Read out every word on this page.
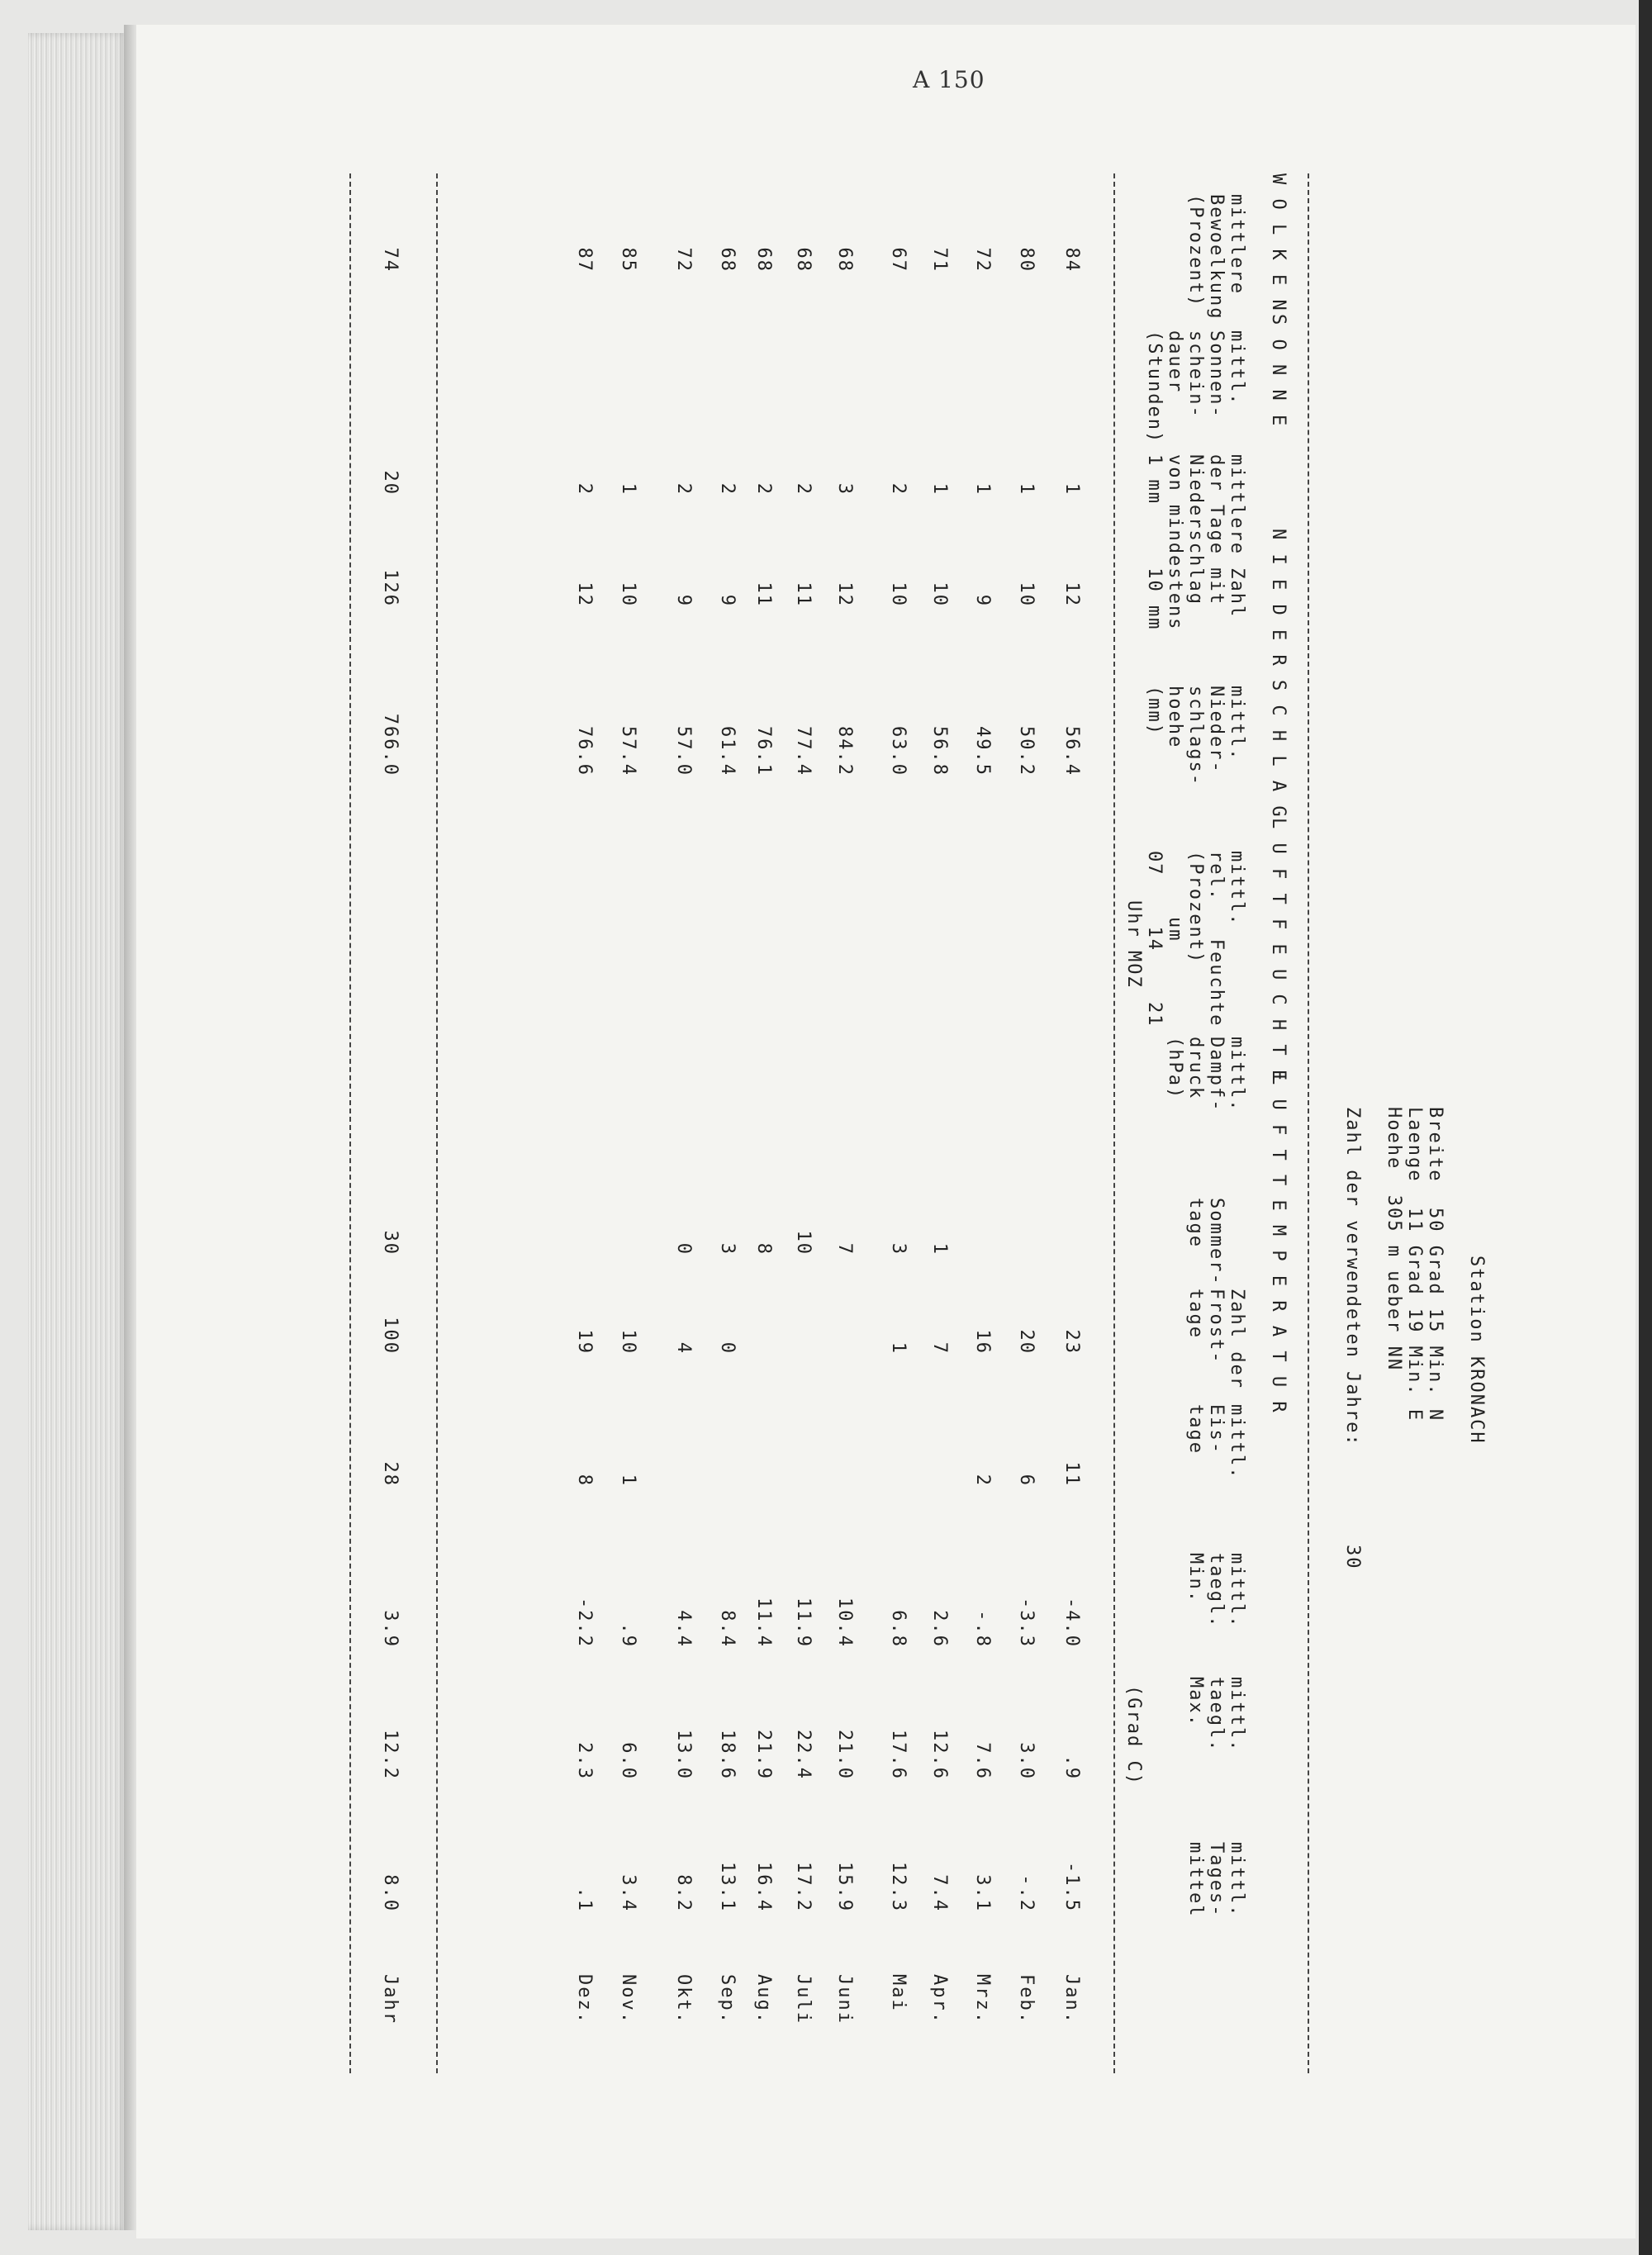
A 150
Station KRONACH
Breite  50 Grad 15 Min. N
Laenge  11 Grad 19 Min. E
Hoehe  305 m ueber NN
Zahl der verwendeten Jahre:
30
L U F T T E M P E R A T U R
L U F T F E U C H T E
N I E D E R S C H L A G
S O N N E
W O L K E N
mittl.
Tages-
mittel
mittl.
taegl.
Max.
mittl.
taegl.
Min.
mittl.
Eis-
tage
Zahl der

Frost-
tage
Sommer-
tage
(Grad C)
mittl.
Dampf-
druck
(hPa)
mittl.
rel.   Feuchte
(Prozent)
um
07    14    21
Uhr MOZ
mittl.
Nieder-
schlags-
hoehe
(mm)
mittlere Zahl
der Tage mit
Niederschlag
von mindestens
1 mm     10 mm
mittl.
Sonnen-
schein-
dauer
(Stunden)
mittlere
Bewoelkung
(Prozent)
Jan.
-1.5
.9
-4.0
11
23
56.4
12
1
84
Feb.
-.2
3.0
-3.3
6
20
50.2
10
1
80
Mrz.
3.1
7.6
-.8
2
16
49.5
9
1
72
Apr.
7.4
12.6
2.6
7
1
56.8
10
1
71
Mai
12.3
17.6
6.8
1
3
63.0
10
2
67
Juni
15.9
21.0
10.4
7
84.2
12
3
68
Juli
17.2
22.4
11.9
10
77.4
11
2
68
Aug.
16.4
21.9
11.4
8
76.1
11
2
68
Sep.
13.1
18.6
8.4
0
3
61.4
9
2
68
Okt.
8.2
13.0
4.4
4
0
57.0
9
2
72
Nov.
3.4
6.0
.9
1
10
57.4
10
1
85
Dez.
.1
2.3
-2.2
8
19
76.6
12
2
87
Jahr
8.0
12.2
3.9
28
100
30
766.0
126
20
74
